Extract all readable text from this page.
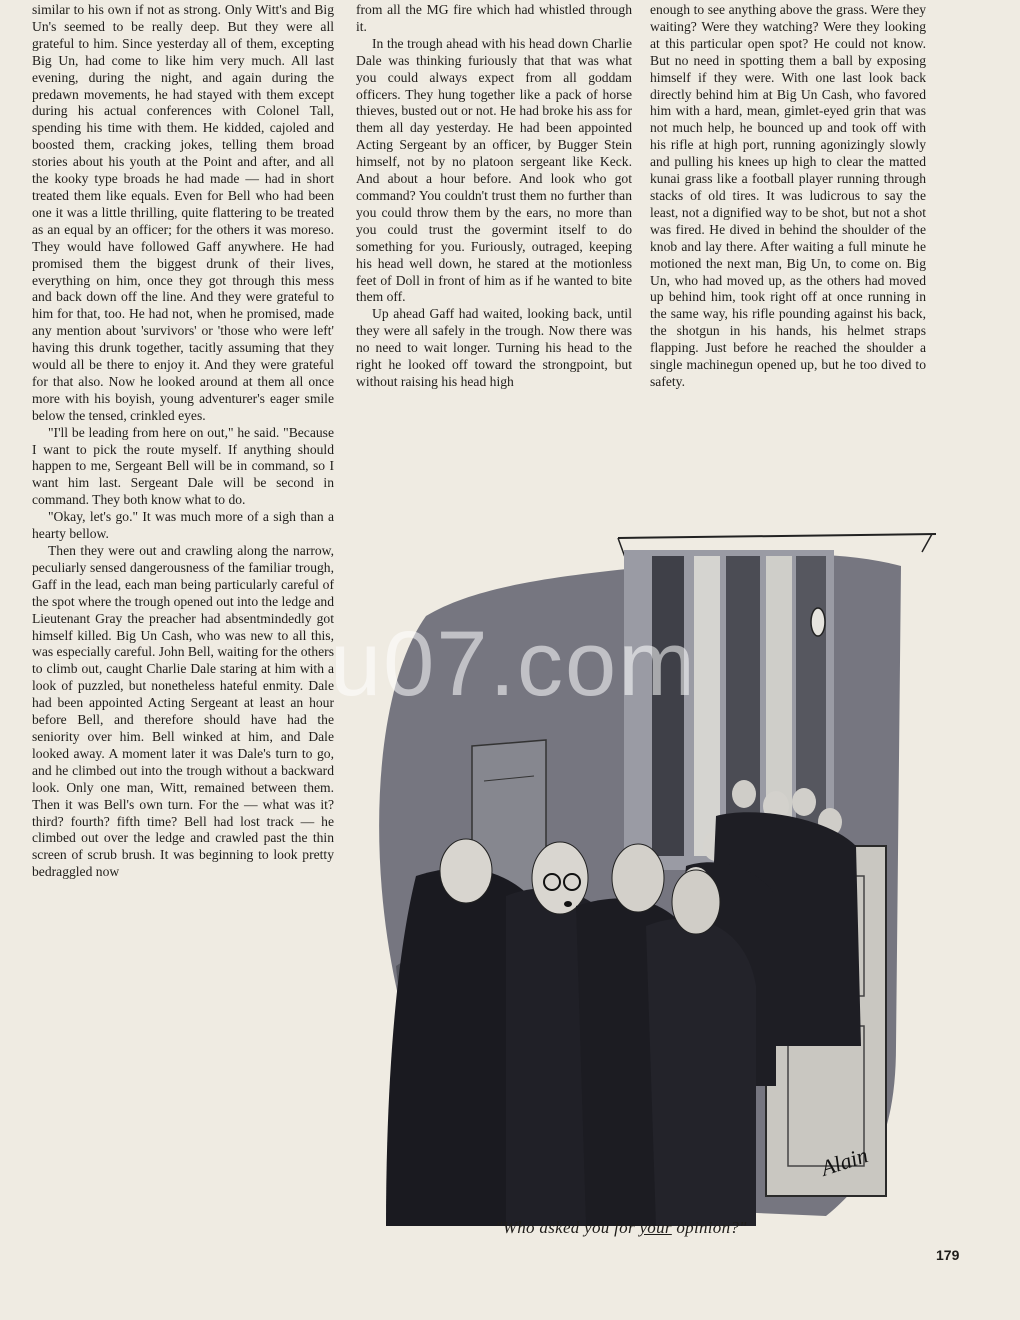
similar to his own if not as strong. Only Witt's and Big Un's seemed to be really deep. But they were all grateful to him. Since yesterday all of them, excepting Big Un, had come to like him very much. All last evening, during the night, and again during the predawn movements, he had stayed with them except during his actual conferences with Colonel Tall, spending his time with them. He kidded, cajoled and boosted them, cracking jokes, telling them broad stories about his youth at the Point and after, and all the kooky type broads he had made — had in short treated them like equals. Even for Bell who had been one it was a little thrilling, quite flattering to be treated as an equal by an officer; for the others it was moreso. They would have followed Gaff anywhere. He had promised them the biggest drunk of their lives, everything on him, once they got through this mess and back down off the line. And they were grateful to him for that, too. He had not, when he promised, made any mention about 'survivors' or 'those who were left' having this drunk together, tacitly assuming that they would all be there to enjoy it. And they were grateful for that also. Now he looked around at them all once more with his boyish, young adventurer's eager smile below the tensed, crinkled eyes.

"I'll be leading from here on out," he said. "Because I want to pick the route myself. If anything should happen to me, Sergeant Bell will be in command, so I want him last. Sergeant Dale will be second in command. They both know what to do.

"Okay, let's go." It was much more of a sigh than a hearty bellow.

Then they were out and crawling along the narrow, peculiarly sensed dangerousness of the familiar trough, Gaff in the lead, each man being particularly careful of the spot where the trough opened out into the ledge and Lieutenant Gray the preacher had absentmindedly got himself killed. Big Un Cash, who was new to all this, was especially careful. John Bell, waiting for the others to climb out, caught Charlie Dale staring at him with a look of puzzled, but nonetheless hateful enmity. Dale had been appointed Acting Sergeant at least an hour before Bell, and therefore should have had the seniority over him. Bell winked at him, and Dale looked away. A moment later it was Dale's turn to go, and he climbed out into the trough without a backward look. Only one man, Witt, remained between them. Then it was Bell's own turn. For the — what was it? third? fourth? fifth time? Bell had lost track — he climbed out over the ledge and crawled past the thin screen of scrub brush. It was beginning to look pretty bedraggled now

from all the MG fire which had whistled through it.

In the trough ahead with his head down Charlie Dale was thinking furiously that that was what you could always expect from all goddam officers. They hung together like a pack of horse thieves, busted out or not. He had broke his ass for them all day yesterday. He had been appointed Acting Sergeant by an officer, by Bugger Stein himself, not by no platoon sergeant like Keck. And about a hour before. And look who got command? You couldn't trust them no further than you could throw them by the ears, no more than you could trust the govermint itself to do something for you. Furiously, outraged, keeping his head well down, he stared at the motionless feet of Doll in front of him as if he wanted to bite them off.

Up ahead Gaff had waited, looking back, until they were all safely in the trough. Now there was no need to wait longer. Turning his head to the right he looked off toward the strongpoint, but without raising his head high

enough to see anything above the grass. Were they waiting? Were they watching? Were they looking at this particular open spot? He could not know. But no need in spotting them a ball by exposing himself if they were. With one last look back directly behind him at Big Un Cash, who favored him with a hard, mean, gimlet-eyed grin that was not much help, he bounced up and took off with his rifle at high port, running agonizingly slowly and pulling his knees up high to clear the matted kunai grass like a football player running through stacks of old tires. It was ludicrous to say the least, not a dignified way to be shot, but not a shot was fired. He dived in behind the shoulder of the knob and lay there. After waiting a full minute he motioned the next man, Big Un, to come on. Big Un, who had moved up, as the others had moved up behind him, took right off at once running in the same way, his rifle pounding against his back, the shotgun in his hands, his helmet straps flapping. Just before he reached the shoulder a single machinegun opened up, but he too dived to safety.

Alain
"Who asked you for your opinion?"
179
u07.com
